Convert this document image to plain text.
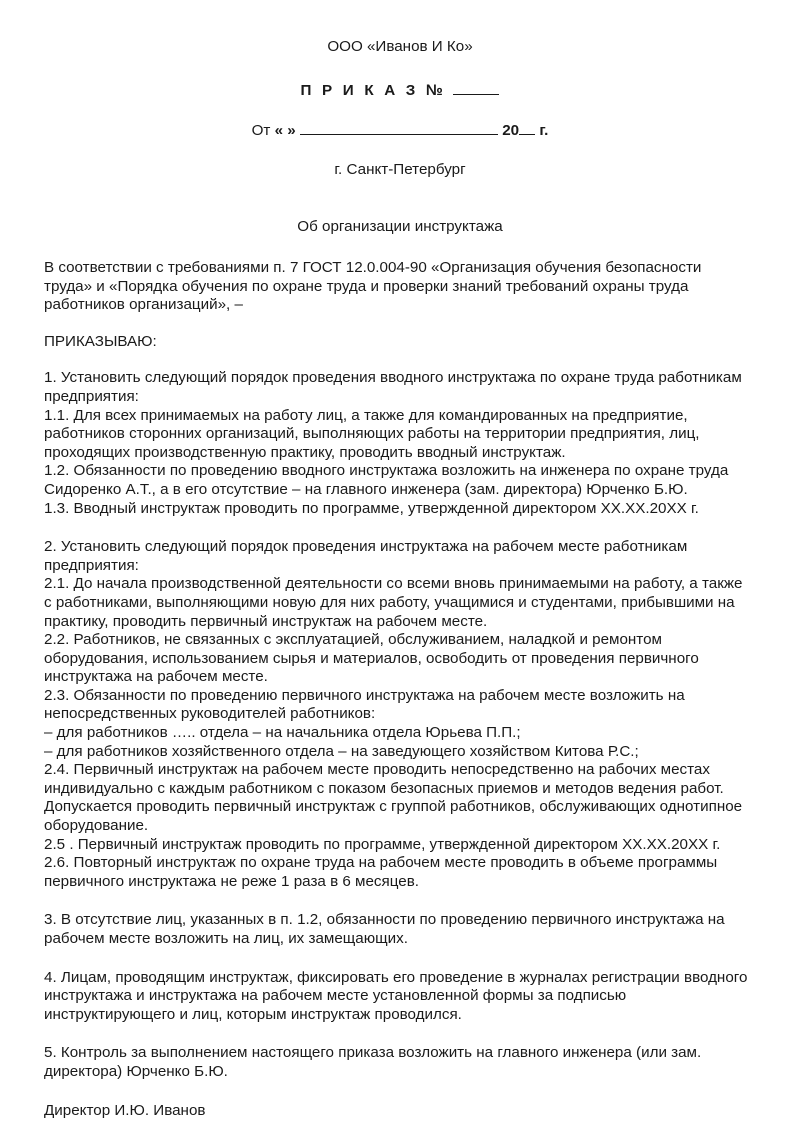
ООО «Иванов И Ко»
П Р И К А З №
От « »	20 г.
г. Санкт-Петербург
Об организации инструктажа

В соответствии с требованиями п. 7 ГОСТ 12.0.004-90 «Организация обучения безопасности

труда» и «Порядка обучения по охране труда и проверки знаний требований охраны труда

работников организаций», –

ПРИКАЗЫВАЮ:

1. Установить следующий порядок проведения вводного инструктажа по охране труда работникам

предприятия:

1.1. Для всех принимаемых на работу лиц, а также для командированных на предприятие,

работников сторонних организаций, выполняющих работы на территории предприятия, лиц,

проходящих производственную практику, проводить вводный инструктаж.

1.2. Обязанности по проведению вводного инструктажа возложить на инженера по охране труда

Сидоренко А.Т., а в его отсутствие – на главного инженера (зам. директора) Юрченко Б.Ю.

1.3. Вводный инструктаж проводить по программе, утвержденной директором ХХ.ХХ.20ХХ г.

2. Установить следующий порядок проведения инструктажа на рабочем месте работникам

предприятия:

2.1. До начала производственной деятельности со всеми вновь принимаемыми на работу, а также

с работниками, выполняющими новую для них работу, учащимися и студентами, прибывшими на

практику, проводить первичный инструктаж на рабочем месте.

2.2. Работников, не связанных с эксплуатацией, обслуживанием, наладкой и ремонтом

оборудования, использованием сырья и материалов, освободить от проведения первичного

инструктажа на рабочем месте.

2.3. Обязанности по проведению первичного инструктажа на рабочем месте возложить на

непосредственных руководителей работников:

– для работников ….. отдела – на начальника отдела Юрьева П.П.;

– для работников хозяйственного отдела – на заведующего хозяйством Китова Р.С.;

2.4. Первичный инструктаж на рабочем месте проводить непосредственно на рабочих местах

индивидуально с каждым работником с показом безопасных приемов и методов ведения работ.

Допускается проводить первичный инструктаж с группой работников, обслуживающих однотипное

оборудование.

2.5 . Первичный инструктаж проводить по программе, утвержденной директором ХХ.ХХ.20ХХ г.

2.6. Повторный инструктаж по охране труда на рабочем месте проводить в объеме программы

первичного инструктажа не реже 1 раза в 6 месяцев.

3. В отсутствие лиц, указанных в п. 1.2, обязанности по проведению первичного инструктажа на

рабочем месте возложить на лиц, их замещающих.

4. Лицам, проводящим инструктаж, фиксировать его проведение в журналах регистрации вводного

инструктажа и инструктажа на рабочем месте установленной формы за подписью

инструктирующего и лиц, которым инструктаж проводился.

5. Контроль за выполнением настоящего приказа возложить на главного инженера (или зам.

директора) Юрченко Б.Ю.

Директор И.Ю. Иванов
